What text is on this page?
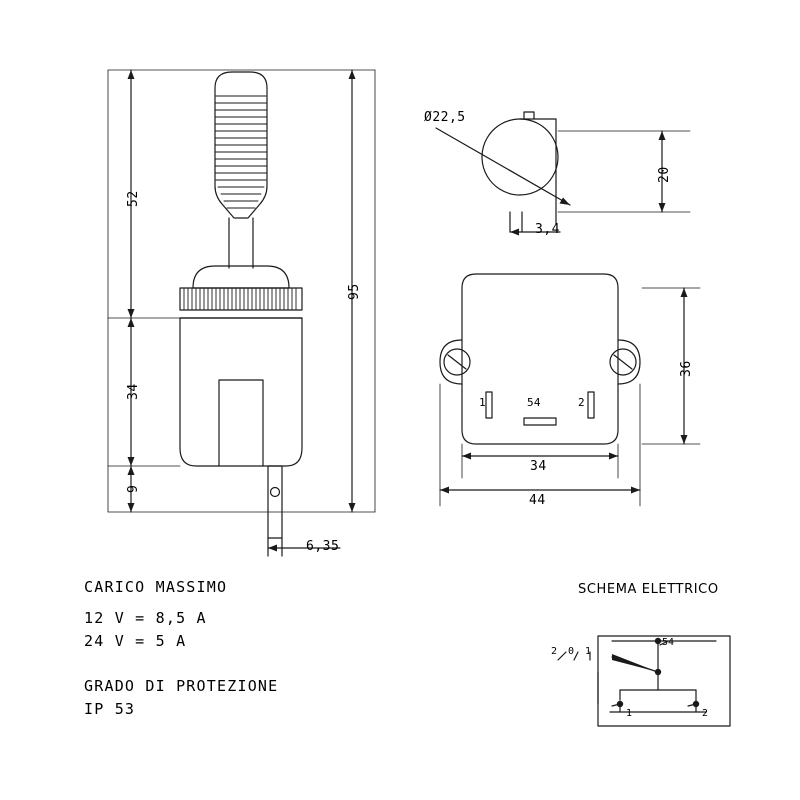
52
34
9
95
6,35
Ø22,5
3,4
20
36
34
44
1	54	2
CARICO MASSIMO
12 V = 8,5 A
24 V = 5 A
GRADO DI PROTEZIONE
IP 53
SCHEMA ELETTRICO
2 0 1
54
1	2
